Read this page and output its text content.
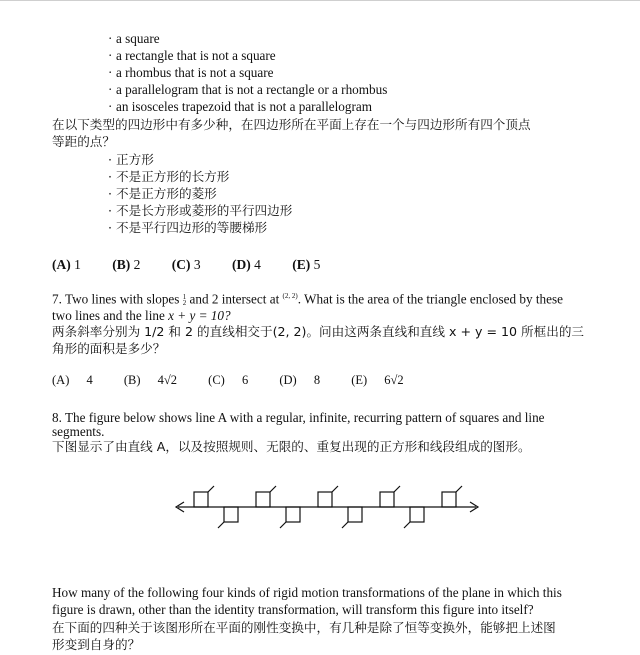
· a square
· a rectangle that is not a square
· a rhombus that is not a square
· a parallelogram that is not a rectangle or a rhombus
· an isosceles trapezoid that is not a parallelogram
在以下类型的四边形中有多少种，在四边形所在平面上存在一个与四边形所有四个顶点
等距的点？
· 正方形
· 不是正方形的长方形
· 不是正方形的菱形
· 不是长方形或菱形的平行四边形
· 不是平行四边形的等腰梯形
(A) 1 (B) 2 (C) 3 (D) 4 (E) 5
7. Two lines with slopes 1
2 and 2 intersect at $^{(2, 2)}$. What is the area of the triangle enclosed by these
two lines and the line x + y = 10?
两条斜率分别为 1/2 和 2 的直线相交于(2, 2)。问由这两条直线和直线 x + y = 10 所框出的三
角形的面积是多少？
(A) 4 (B) 4√2 (C) 6 (D) 8 (E) 6√2
8. The figure below shows line A with a regular, infinite, recurring pattern of squares and line
segments.
下图显示了由直线 A，以及按照规则、无限的、重复出现的正方形和线段组成的图形。
How many of the following four kinds of rigid motion transformations of the plane in which this
figure is drawn, other than the identity transformation, will transform this figure into itself?
在下面的四种关于该图形所在平面的刚性变换中，有几种是除了恒等变换外，能够把上述图
形变到自身的？
